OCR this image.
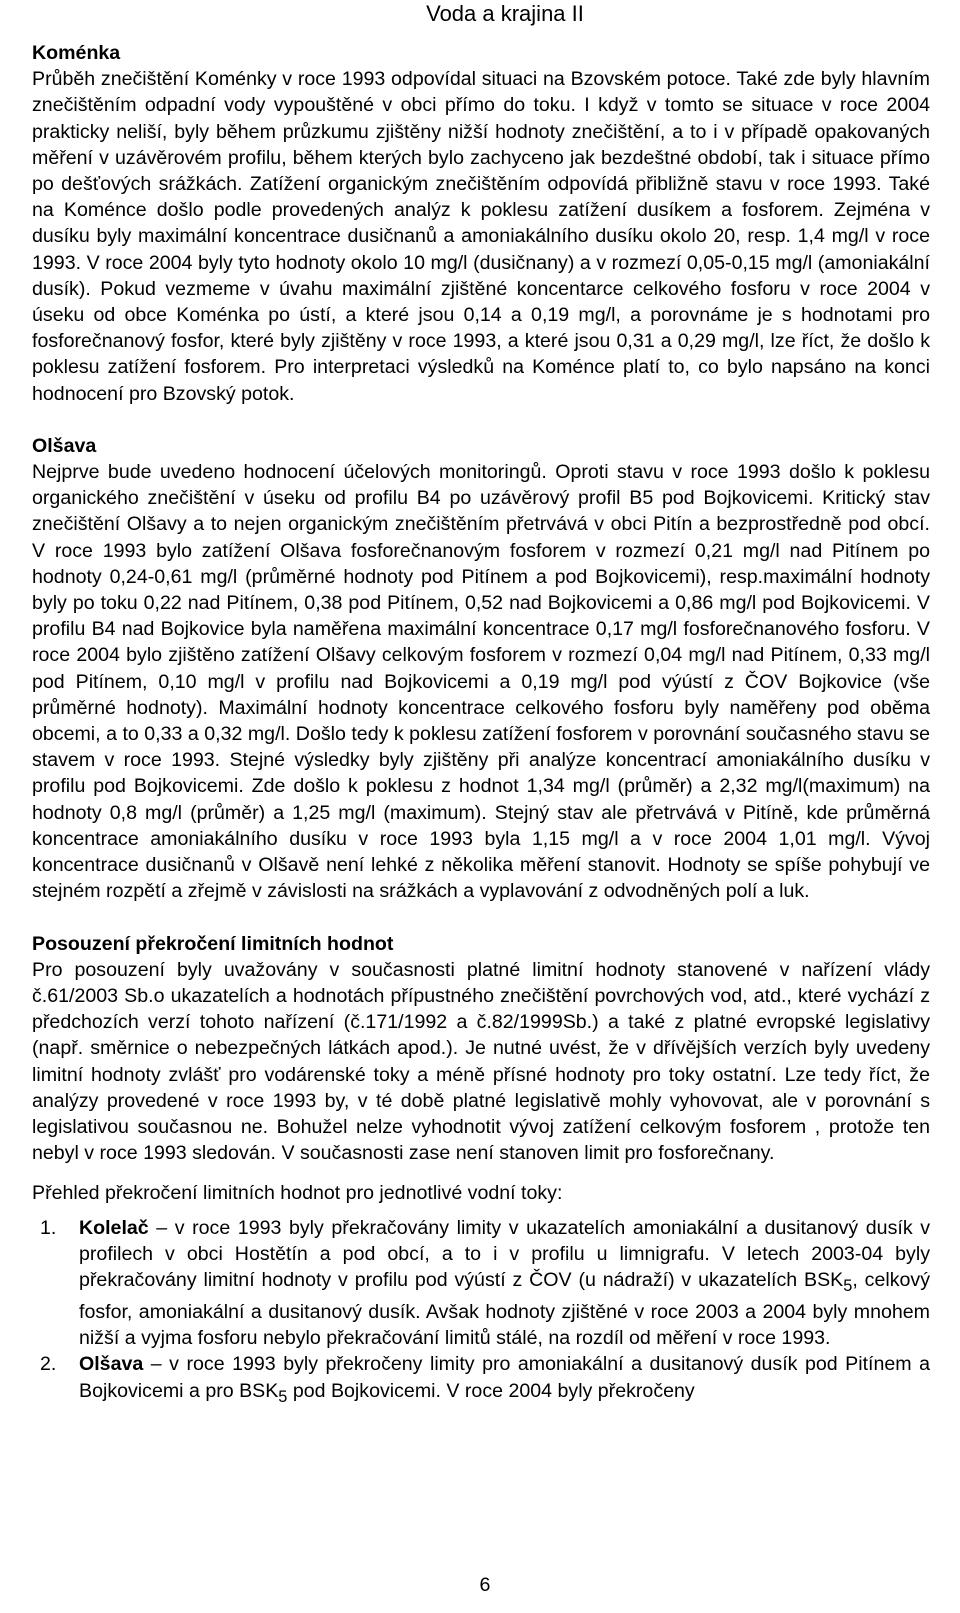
Voda a krajina II

Koménka

Průběh znečištění Koménky v roce 1993 odpovídal situaci na Bzovském potoce. Také zde byly hlavním znečištěním odpadní vody vypouštěné v obci přímo do toku. I když v tomto se situace v roce 2004 prakticky neliší, byly během průzkumu zjištěny nižší hodnoty znečištění, a to i v případě opakovaných měření v uzávěrovém profilu, během kterých bylo zachyceno jak bezdeštné období, tak i situace přímo po dešťových srážkách. Zatížení organickým znečištěním odpovídá přibližně stavu v roce 1993. Také na Koménce došlo podle provedených analýz k poklesu zatížení dusíkem a fosforem. Zejména v dusíku byly maximální koncentrace dusičnanů a amoniakálního dusíku okolo 20, resp. 1,4 mg/l v roce 1993. V roce 2004 byly tyto hodnoty okolo 10 mg/l (dusičnany) a v rozmezí 0,05-0,15 mg/l (amoniakální dusík). Pokud vezmeme v úvahu maximální zjištěné koncentarce celkového fosforu v roce 2004 v úseku od obce Koménka po ústí, a které jsou 0,14 a 0,19 mg/l, a porovnáme je s hodnotami pro fosforečnanový fosfor, které byly zjištěny v roce 1993, a které jsou 0,31 a 0,29 mg/l, lze říct, že došlo k poklesu zatížení fosforem. Pro interpretaci výsledků na Koménce platí to, co bylo napsáno na konci hodnocení pro Bzovský potok.

Olšava

Nejprve bude uvedeno hodnocení účelových monitoringů. Oproti stavu v roce 1993 došlo k poklesu organického znečištění v úseku od profilu B4 po uzávěrový profil B5 pod Bojkovicemi. Kritický stav znečištění Olšavy a to nejen organickým znečištěním přetrvává v obci Pitín a bezprostředně pod obcí. V roce 1993 bylo zatížení Olšava fosforečnanovým fosforem v rozmezí 0,21 mg/l nad Pitínem po hodnoty 0,24-0,61 mg/l (průměrné hodnoty pod Pitínem a pod Bojkovicemi), resp.maximální hodnoty byly po toku 0,22 nad Pitínem, 0,38 pod Pitínem, 0,52 nad Bojkovicemi a 0,86 mg/l pod Bojkovicemi. V profilu B4 nad Bojkovice byla naměřena maximální koncentrace 0,17 mg/l fosforečnanového fosforu. V roce 2004 bylo zjištěno zatížení Olšavy celkovým fosforem v rozmezí 0,04 mg/l nad Pitínem, 0,33 mg/l pod Pitínem, 0,10 mg/l v profilu nad Bojkovicemi a 0,19 mg/l pod výústí z ČOV Bojkovice (vše průměrné hodnoty). Maximální hodnoty koncentrace celkového fosforu byly naměřeny pod oběma obcemi, a to 0,33 a 0,32 mg/l. Došlo tedy k poklesu zatížení fosforem v porovnání současného stavu se stavem v roce 1993. Stejné výsledky byly zjištěny při analýze koncentrací amoniakálního dusíku v profilu pod Bojkovicemi. Zde došlo k poklesu z hodnot 1,34 mg/l (průměr) a 2,32 mg/l(maximum) na hodnoty 0,8 mg/l (průměr) a 1,25 mg/l (maximum). Stejný stav ale přetrvává v Pitíně, kde průměrná koncentrace amoniakálního dusíku v roce 1993 byla 1,15 mg/l a v roce 2004 1,01 mg/l. Vývoj koncentrace dusičnanů v Olšavě není lehké z několika měření stanovit. Hodnoty se spíše pohybují ve stejném rozpětí a zřejmě v závislosti na srážkách a vyplavování z odvodněných polí a luk.

Posouzení překročení limitních hodnot

Pro posouzení byly uvažovány v současnosti platné limitní hodnoty stanovené v nařízení vlády č.61/2003 Sb.o ukazatelích a hodnotách přípustného znečištění povrchových vod, atd., které vychází z předchozích verzí tohoto nařízení (č.171/1992 a č.82/1999Sb.) a také z platné evropské legislativy (např. směrnice o nebezpečných látkách apod.). Je nutné uvést, že v dřívějších verzích byly uvedeny limitní hodnoty zvlášť pro vodárenské toky a méně přísné hodnoty pro toky ostatní. Lze tedy říct, že analýzy provedené v roce 1993 by, v té době platné legislativě mohly vyhovovat, ale v porovnání s legislativou současnou ne. Bohužel nelze vyhodnotit vývoj zatížení celkovým fosforem , protože ten nebyl v roce 1993 sledován. V současnosti zase není stanoven limit pro fosforečnany.

Přehled překročení limitních hodnot pro jednotlivé vodní toky:

1. Kolelač – v roce 1993 byly překračovány limity v ukazatelích amoniakální a dusitanový dusík v profilech v obci Hostětín a pod obcí, a to i v profilu u limnigrafu. V letech 2003-04 byly překračovány limitní hodnoty v profilu pod výústí z ČOV (u nádraží) v ukazatelích $BSK_5$, celkový fosfor, amoniakální a dusitanový dusík. Avšak hodnoty zjištěné v roce 2003 a 2004 byly mnohem nižší a vyjma fosforu nebylo překračování limitů stálé, na rozdíl od měření v roce 1993.
2. Olšava – v roce 1993 byly překročeny limity pro amoniakální a dusitanový dusík pod Pitínem a Bojkovicemi a pro $BSK_5$ pod Bojkovicemi. V roce 2004 byly překročeny
6
